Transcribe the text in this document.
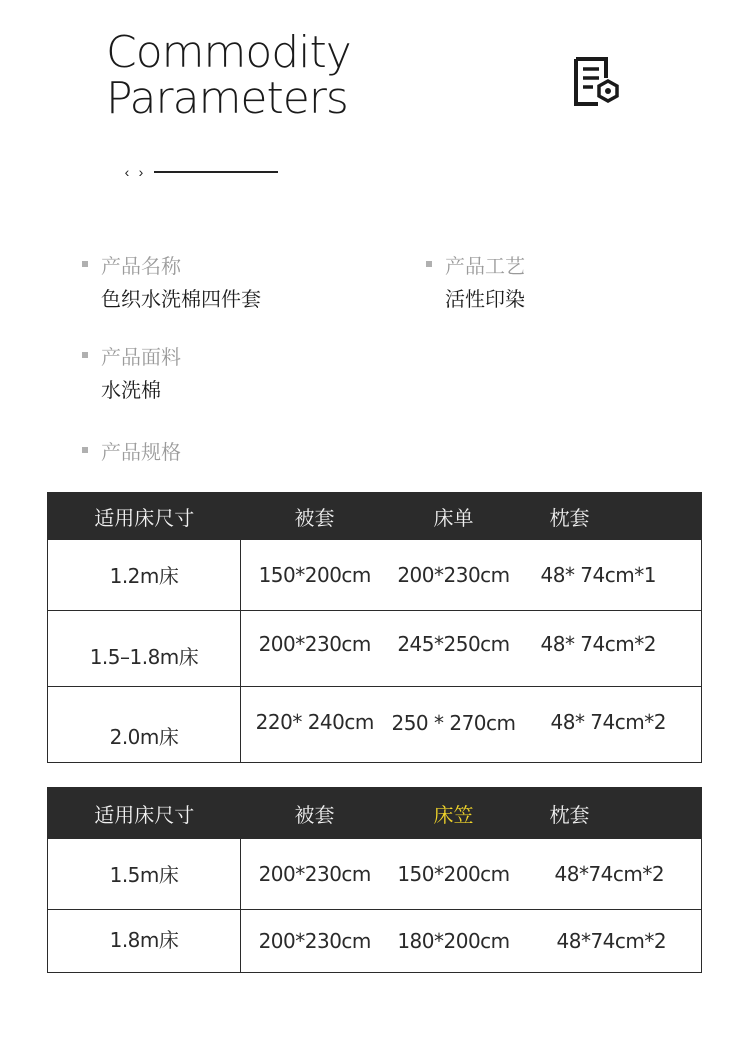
Commodity
Parameters
‹ ›
产品名称
色织水洗棉四件套
产品工艺
活性印染
产品面料
水洗棉
产品规格
适用床尺寸	被套	床单	枕套
1.2m床	150*200cm	200*230cm	48* 74cm*1
1.5–1.8m床	200*230cm	245*250cm	48* 74cm*2
2.0m床	220* 240cm	250 * 270cm	48* 74cm*2
适用床尺寸	被套	床笠	枕套
1.5m床	200*230cm	150*200cm	48*74cm*2
1.8m床	200*230cm	180*200cm	48*74cm*2
